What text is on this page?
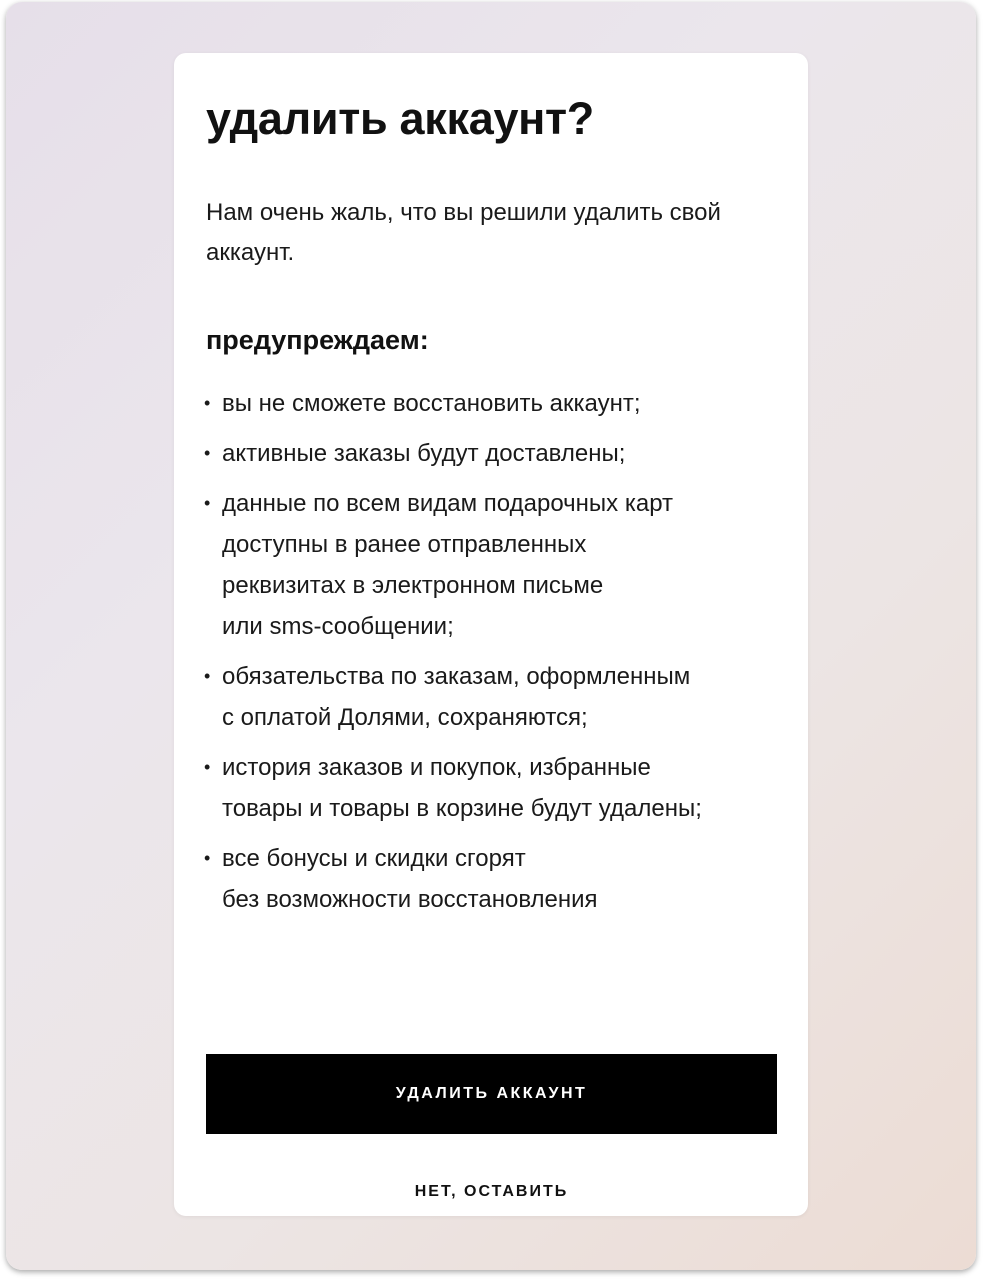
удалить аккаунт?

Нам очень жаль, что вы решили удалить свой аккаунт.

предупреждаем:
• вы не сможете восстановить аккаунт;
• активные заказы будут доставлены;
• данные по всем видам подарочных карт
доступны в ранее отправленных
реквизитах в электронном письме
или sms-сообщении;
• обязательства по заказам, оформленным
с оплатой Долями, сохраняются;
• история заказов и покупок, избранные
товары и товары в корзине будут удалены;
• все бонусы и скидки сгорят
без возможности восстановления
УДАЛИТЬ АККАУНТ
НЕТ, ОСТАВИТЬ
